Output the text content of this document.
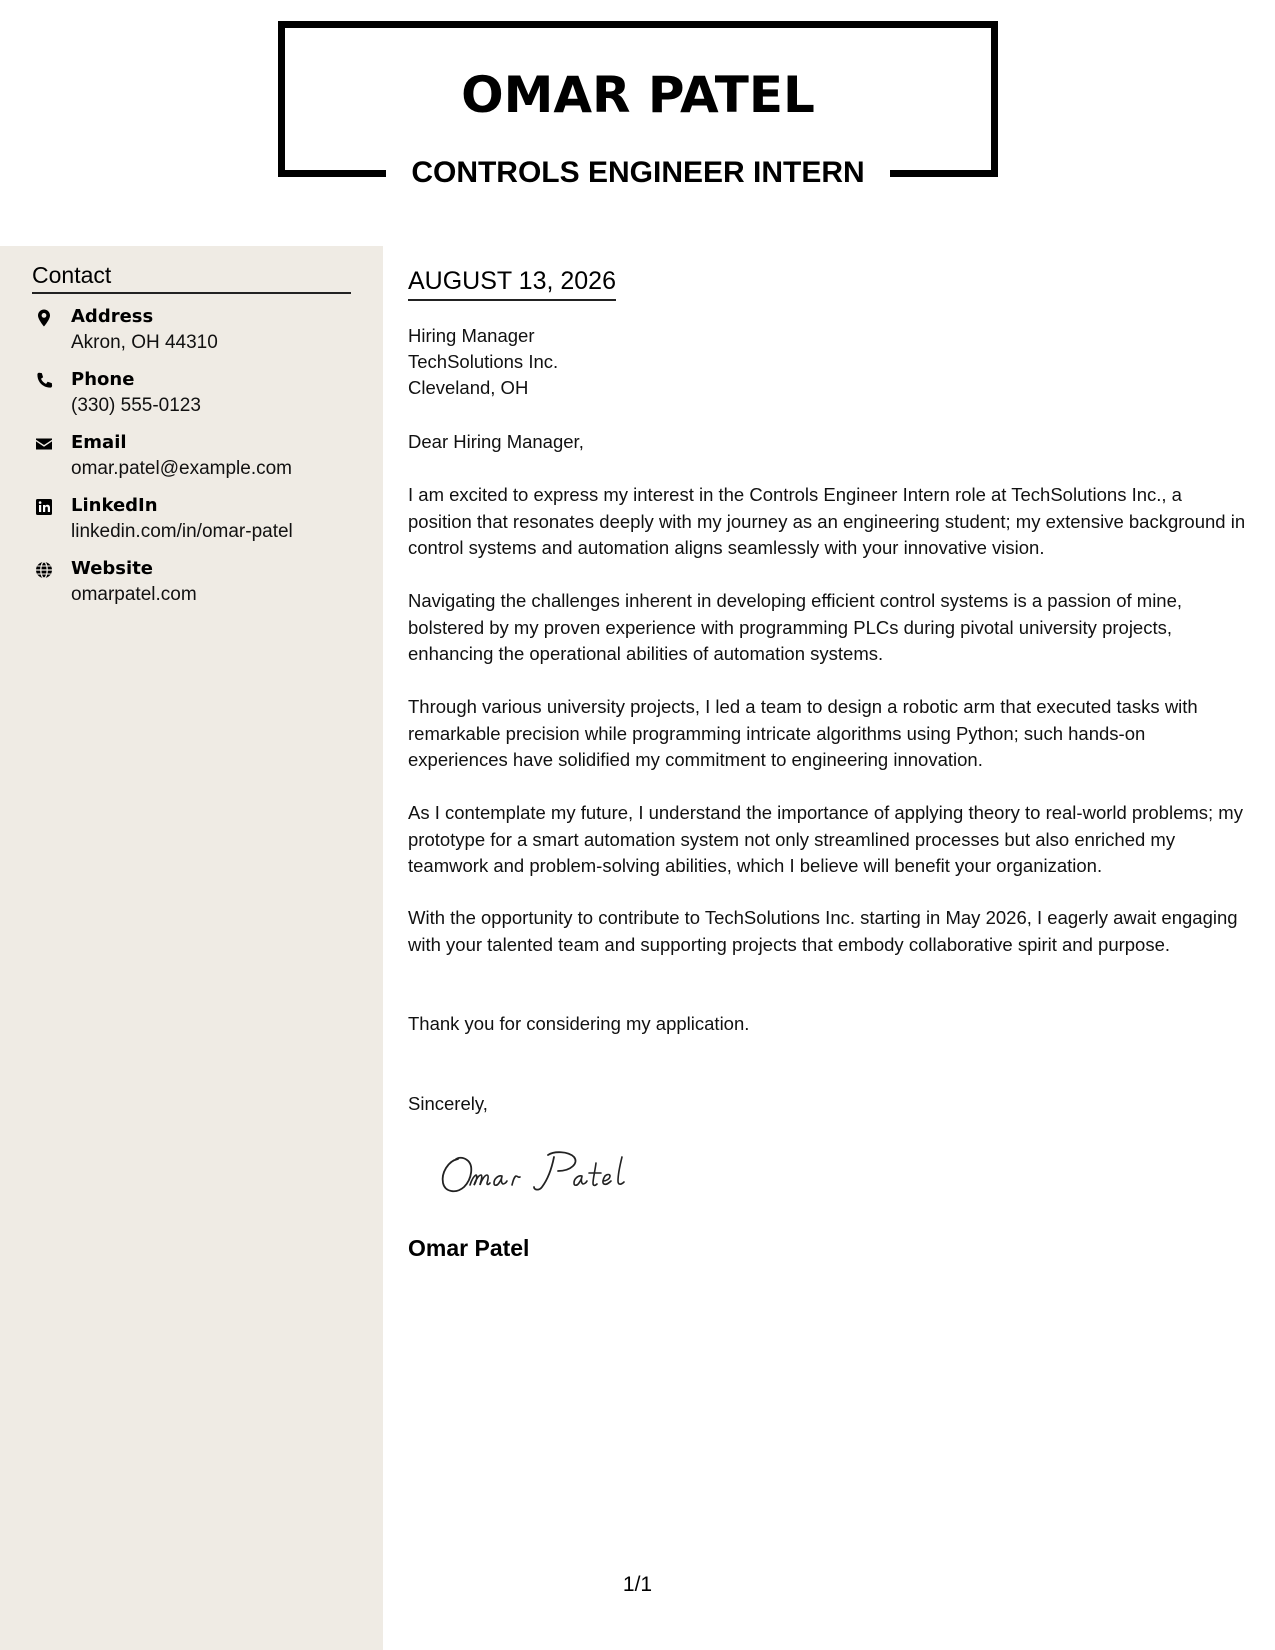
OMAR PATEL
CONTROLS ENGINEER INTERN
Contact
Address
Akron, OH 44310
Phone
(330) 555-0123
Email
omar.patel@example.com
LinkedIn
linkedin.com/in/omar-patel
Website
omarpatel.com
AUGUST 13, 2026
Hiring Manager
TechSolutions Inc.
Cleveland, OH

Dear Hiring Manager,

I am excited to express my interest in the Controls Engineer Intern role at TechSolutions Inc., a position that resonates deeply with my journey as an engineering student; my extensive background in control systems and automation aligns seamlessly with your innovative vision.

Navigating the challenges inherent in developing efficient control systems is a passion of mine, bolstered by my proven experience with programming PLCs during pivotal university projects, enhancing the operational abilities of automation systems.

Through various university projects, I led a team to design a robotic arm that executed tasks with remarkable precision while programming intricate algorithms using Python; such hands-on experiences have solidified my commitment to engineering innovation.

As I contemplate my future, I understand the importance of applying theory to real-world problems; my prototype for a smart automation system not only streamlined processes but also enriched my teamwork and problem-solving abilities, which I believe will benefit your organization.

With the opportunity to contribute to TechSolutions Inc. starting in May 2026, I eagerly await engaging with your talented team and supporting projects that embody collaborative spirit and purpose.

Thank you for considering my application.

Sincerely,

Omar Patel
1/1
